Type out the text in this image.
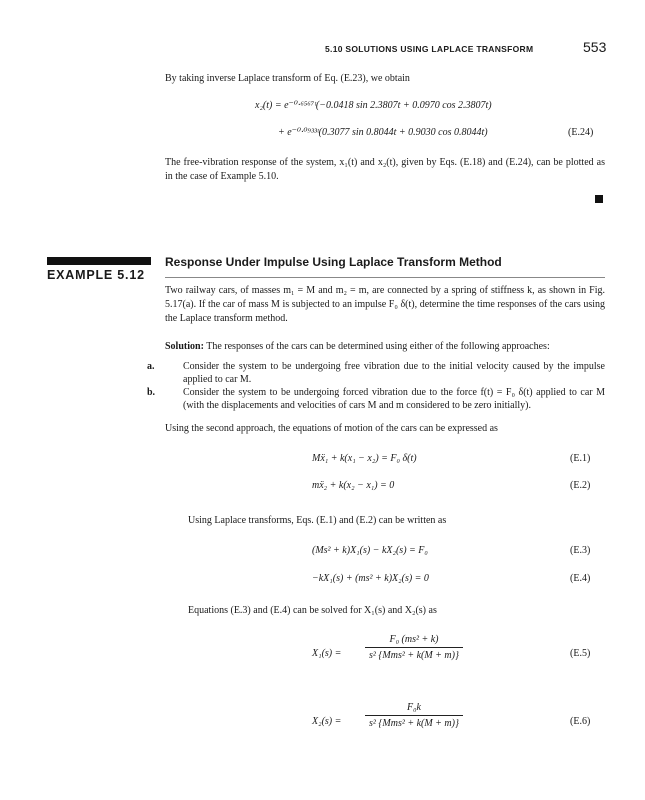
5.10 SOLUTIONS USING LAPLACE TRANSFORM	553
By taking inverse Laplace transform of Eq. (E.23), we obtain
x₂(t) = e⁻⁰·⁶⁵⁶⁷ᵗ(−0.0418 sin 2.3807t + 0.0970 cos 2.3807t)
+ e⁻⁰·⁰⁹³³ᵗ(0.3077 sin 0.8044t + 0.9030 cos 0.8044t)	(E.24)
The free-vibration response of the system, x₁(t) and x₂(t), given by Eqs. (E.18) and (E.24), can be plotted as in the case of Example 5.10.
EXAMPLE 5.12
Response Under Impulse Using Laplace Transform Method
Two railway cars, of masses m₁ = M and m₂ = m, are connected by a spring of stiffness k, as shown in Fig. 5.17(a). If the car of mass M is subjected to an impulse F₀ δ(t), determine the time responses of the cars using the Laplace transform method.
Solution: The responses of the cars can be determined using either of the following approaches:
a.	Consider the system to be undergoing free vibration due to the initial velocity caused by the impulse applied to car M.
b.	Consider the system to be undergoing forced vibration due to the force f(t) = F₀ δ(t) applied to car M (with the displacements and velocities of cars M and m considered to be zero initially).
Using the second approach, the equations of motion of the cars can be expressed as
Mẍ₁ + k(x₁ − x₂) = F₀ δ(t)	(E.1)
mẍ₂ + k(x₂ − x₁) = 0	(E.2)
Using Laplace transforms, Eqs. (E.1) and (E.2) can be written as
(Ms² + k)X₁(s) − kX₂(s) = F₀	(E.3)
−kX₁(s) + (ms² + k)X₂(s) = 0	(E.4)
Equations (E.3) and (E.4) can be solved for X₁(s) and X₂(s) as
$X_1(s) = \frac{\text{F₀ (ms² + k)}}{\text{s² \{Mms² + k(M + m)\}}}$	(E.5)
$X_2(s) = \frac{\text{F₀k}}{\text{s² \{Mms² + k(M + m)\}}}$	(E.6)
